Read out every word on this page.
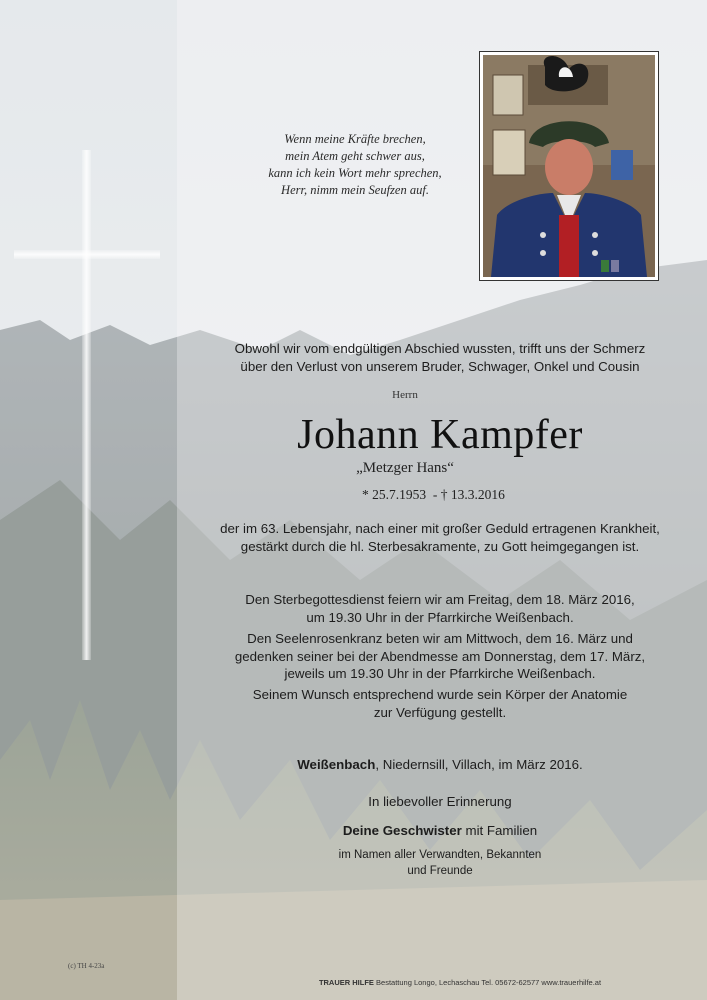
Wenn meine Kräfte brechen,
mein Atem geht schwer aus,
kann ich kein Wort mehr sprechen,
Herr, nimm mein Seufzen auf.
Obwohl wir vom endgültigen Abschied wussten, trifft uns der Schmerz
über den Verlust von unserem Bruder, Schwager, Onkel und Cousin
Herrn
Johann Kampfer
„Metzger Hans“
* 25.7.1953 - † 13.3.2016
der im 63. Lebensjahr, nach einer mit großer Geduld ertragenen Krankheit,
gestärkt durch die hl. Sterbesakramente, zu Gott heimgegangen ist.
Den Sterbegottesdienst feiern wir am Freitag, dem 18. März 2016,
um 19.30 Uhr in der Pfarrkirche Weißenbach.
Den Seelenrosenkranz beten wir am Mittwoch, dem 16. März und
gedenken seiner bei der Abendmesse am Donnerstag, dem 17. März,
jeweils um 19.30 Uhr in der Pfarrkirche Weißenbach.
Seinem Wunsch entsprechend wurde sein Körper der Anatomie
zur Verfügung gestellt.
Weißenbach, Niedernsill, Villach, im März 2016.
In liebevoller Erinnerung
Deine Geschwister mit Familien
im Namen aller Verwandten, Bekannten
und Freunde
(c) TH 4-23a
TRAUER HILFE Bestattung Longo, Lechaschau Tel. 05672-62577 www.trauerhilfe.at
